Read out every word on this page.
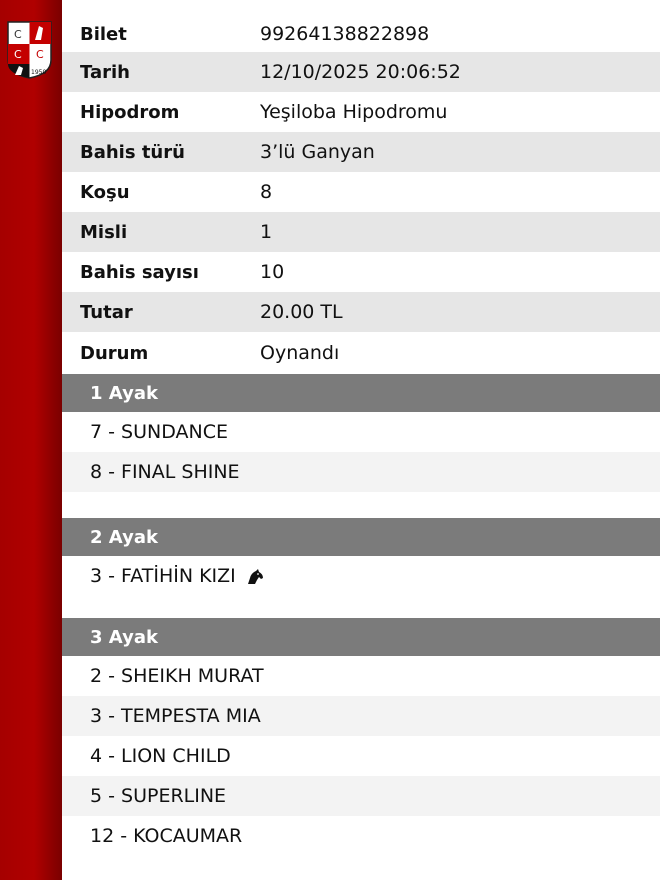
C
C C
1950
Bilet	99264138822898
Tarih	12/10/2025 20:06:52
Hipodrom	Yeşiloba Hipodromu
Bahis türü	3’lü Ganyan
Koşu	8
Misli	1
Bahis sayısı	10
Tutar	20.00 TL
Durum	Oynandı
1 Ayak
7 - SUNDANCE
8 - FINAL SHINE
2 Ayak
3 - FATİHİN KIZI
3 Ayak
2 - SHEIKH MURAT
3 - TEMPESTA MIA
4 - LION CHILD
5 - SUPERLINE
12 - KOCAUMAR
